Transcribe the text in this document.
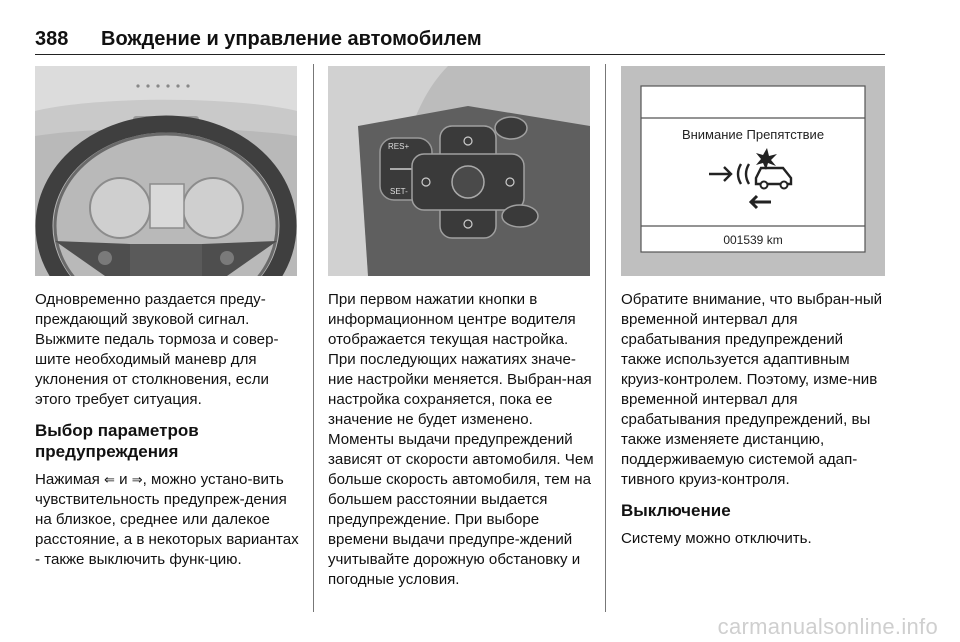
388 Вождение и управление автомобилем
RES+
SET-
Внимание Препятствие
001539 km

Одновременно раздается преду-преждающий звуковой сигнал. Выжмите педаль тормоза и совер-шите необходимый маневр для уклонения от столкновения, если этого требует ситуация.

Выбор параметров предупреждения

Нажимая ⇐ и ⇒, можно устано-вить чувствительность предупреж-дения на близкое, среднее или далекое расстояние, а в некоторых вариантах - также выключить функ-цию.

При первом нажатии кнопки в информационном центре водителя отображается текущая настройка. При последующих нажатиях значе-ние настройки меняется. Выбран-ная настройка сохраняется, пока ее значение не будет изменено. Моменты выдачи предупреждений зависят от скорости автомобиля. Чем больше скорость автомобиля, тем на большем расстоянии выдается предупреждение. При выборе времени выдачи предупре-ждений учитывайте дорожную обстановку и погодные условия.

Обратите внимание, что выбран-ный временной интервал для срабатывания предупреждений также используется адаптивным круиз-контролем. Поэтому, изме-нив временной интервал для срабатывания предупреждений, вы также изменяете дистанцию, поддерживаемую системой адап-тивного круиз-контроля.

Выключение

Систему можно отключить.

carmanualsonline.info
